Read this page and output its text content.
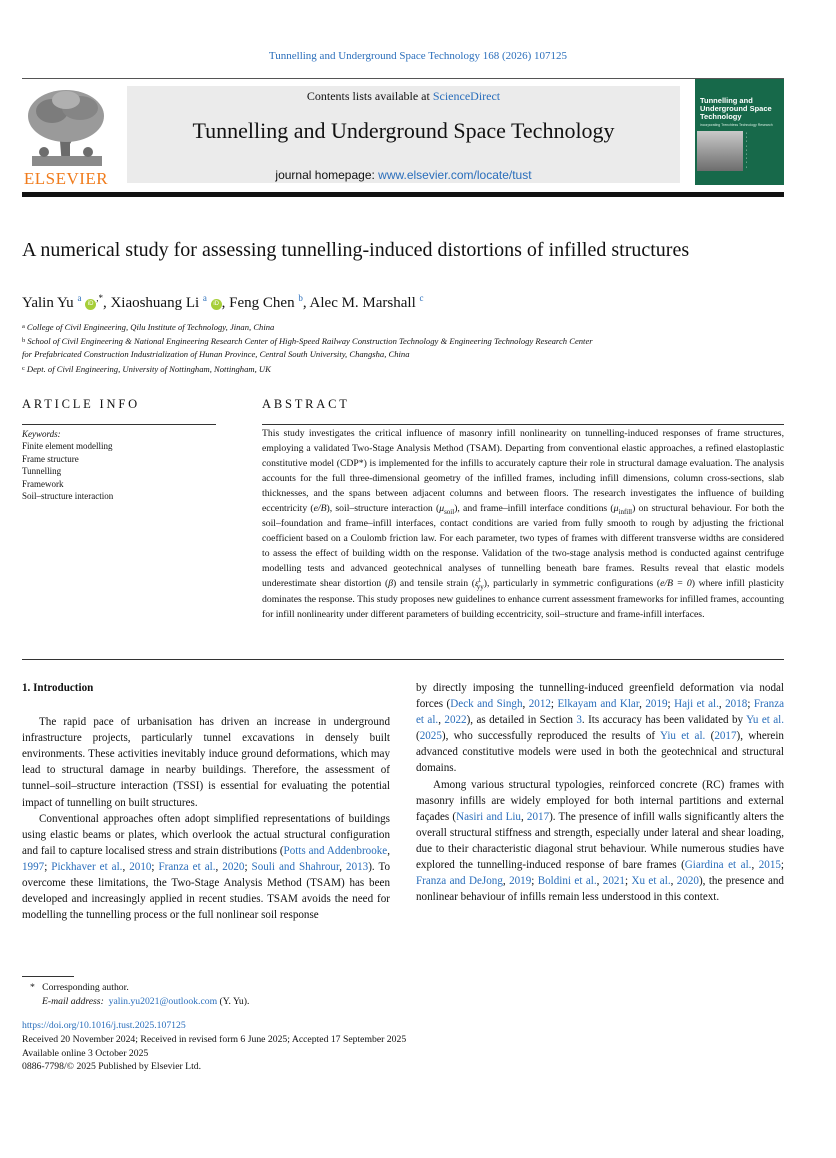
Tunnelling and Underground Space Technology 168 (2026) 107125
ELSEVIER
Contents lists available at ScienceDirect
Tunnelling and Underground Space Technology
journal homepage: www.elsevier.com/locate/tust
Tunnelling and Underground Space Technology
incorporating Trenchless Technology Research
▪
▪
▪
▪
▪
▪
▪
▪
▪
A numerical study for assessing tunnelling-induced distortions of infilled structures
Yalin Yu $^a$ iD,*, Xiaoshuang Li $^a$ iD , Feng Chen $^b$, Alec M. Marshall $^c$
$^a$ College of Civil Engineering, Qilu Institute of Technology, Jinan, China
$^b$ School of Civil Engineering & National Engineering Research Center of High-Speed Railway Construction Technology & Engineering Technology Research Center
for Prefabricated Construction Industrialization of Hunan Province, Central South University, Changsha, China
$^c$ Dept. of Civil Engineering, University of Nottingham, Nottingham, UK
ARTICLE INFO
Keywords:
Finite element modelling
Frame structure
Tunnelling
Framework
Soil–structure interaction
ABSTRACT
This study investigates the critical influence of masonry infill nonlinearity on tunnelling-induced responses of frame structures, employing a validated Two-Stage Analysis Method (TSAM). Departing from conventional elastic approaches, a refined elastoplastic constitutive model (CDP*) is implemented for the infills to accurately capture their role in structural damage evaluation. The analysis accounts for the full three-dimensional geometry of the infilled frames, including infill dimensions, column cross-sections, slab thicknesses, and the spans between adjacent columns and between floors. The research investigates the influence of building eccentricity (e/B), soil–structure interaction $(\mu_{soil})$, and frame–infill interface conditions $(\mu_{infill})$ on structural behaviour. For both the soil–foundation and frame–infill interfaces, contact conditions are varied from fully smooth to rough by adjusting the frictional coefficient based on a Coulomb friction law. For each parameter, two types of frames with different transverse widths are considered to assess the effect of building width on the response. Validation of the two-stage analysis method is conducted against centrifuge modelling tests and advanced geotechnical analyses of tunnelling beneath bare frames. Results reveal that elastic models underestimate shear distortion (β) and tensile strain $(\varepsilon^t_{yy})$, particularly in symmetric configurations (e/B = 0) where infill plasticity dominates the response. This study proposes new guidelines to enhance current assessment frameworks for infilled frames, accounting for infill nonlinearity under different parameters of building eccentricity, soil–structure and frame-infill interfaces.

1. Introduction

The rapid pace of urbanisation has driven an increase in underground infrastructure projects, particularly tunnel excavations in densely built environments. These activities inevitably induce ground deformations, which may lead to structural damage in nearby buildings. Therefore, the assessment of tunnel–soil–structure interaction (TSSI) is essential for evaluating the potential impact of tunnelling on built structures.

Conventional approaches often adopt simplified representations of buildings using elastic beams or plates, which overlook the actual structural configuration and fail to capture localised stress and strain distributions (Potts and Addenbrooke, 1997; Pickhaver et al., 2010; Franza et al., 2020; Souli and Shahrour, 2013). To overcome these limitations, the Two-Stage Analysis Method (TSAM) has been developed and increasingly applied in recent studies. TSAM avoids the need for modelling the tunnelling process or the full nonlinear soil response

by directly imposing the tunnelling-induced greenfield deformation via nodal forces (Deck and Singh, 2012; Elkayam and Klar, 2019; Haji et al., 2018; Franza et al., 2022), as detailed in Section 3. Its accuracy has been validated by Yu et al. (2025), who successfully reproduced the results of Yiu et al. (2017), wherein advanced constitutive models were used in both the geotechnical and structural domains.

Among various structural typologies, reinforced concrete (RC) frames with masonry infills are widely employed for both internal partitions and external façades (Nasiri and Liu, 2017). The presence of infill walls significantly alters the overall structural stiffness and strength, especially under lateral and shear loading, due to their characteristic diagonal strut behaviour. While numerous studies have explored the tunnelling-induced response of bare frames (Giardina et al., 2015; Franza and DeJong, 2019; Boldini et al., 2021; Xu et al., 2020), the presence and nonlinear behaviour of infills remain less understood in this context.

* Corresponding author.
E-mail address: yalin.yu2021@outlook.com (Y. Yu).
https://doi.org/10.1016/j.tust.2025.107125
Received 20 November 2024; Received in revised form 6 June 2025; Accepted 17 September 2025
Available online 3 October 2025
0886-7798/© 2025 Published by Elsevier Ltd.
